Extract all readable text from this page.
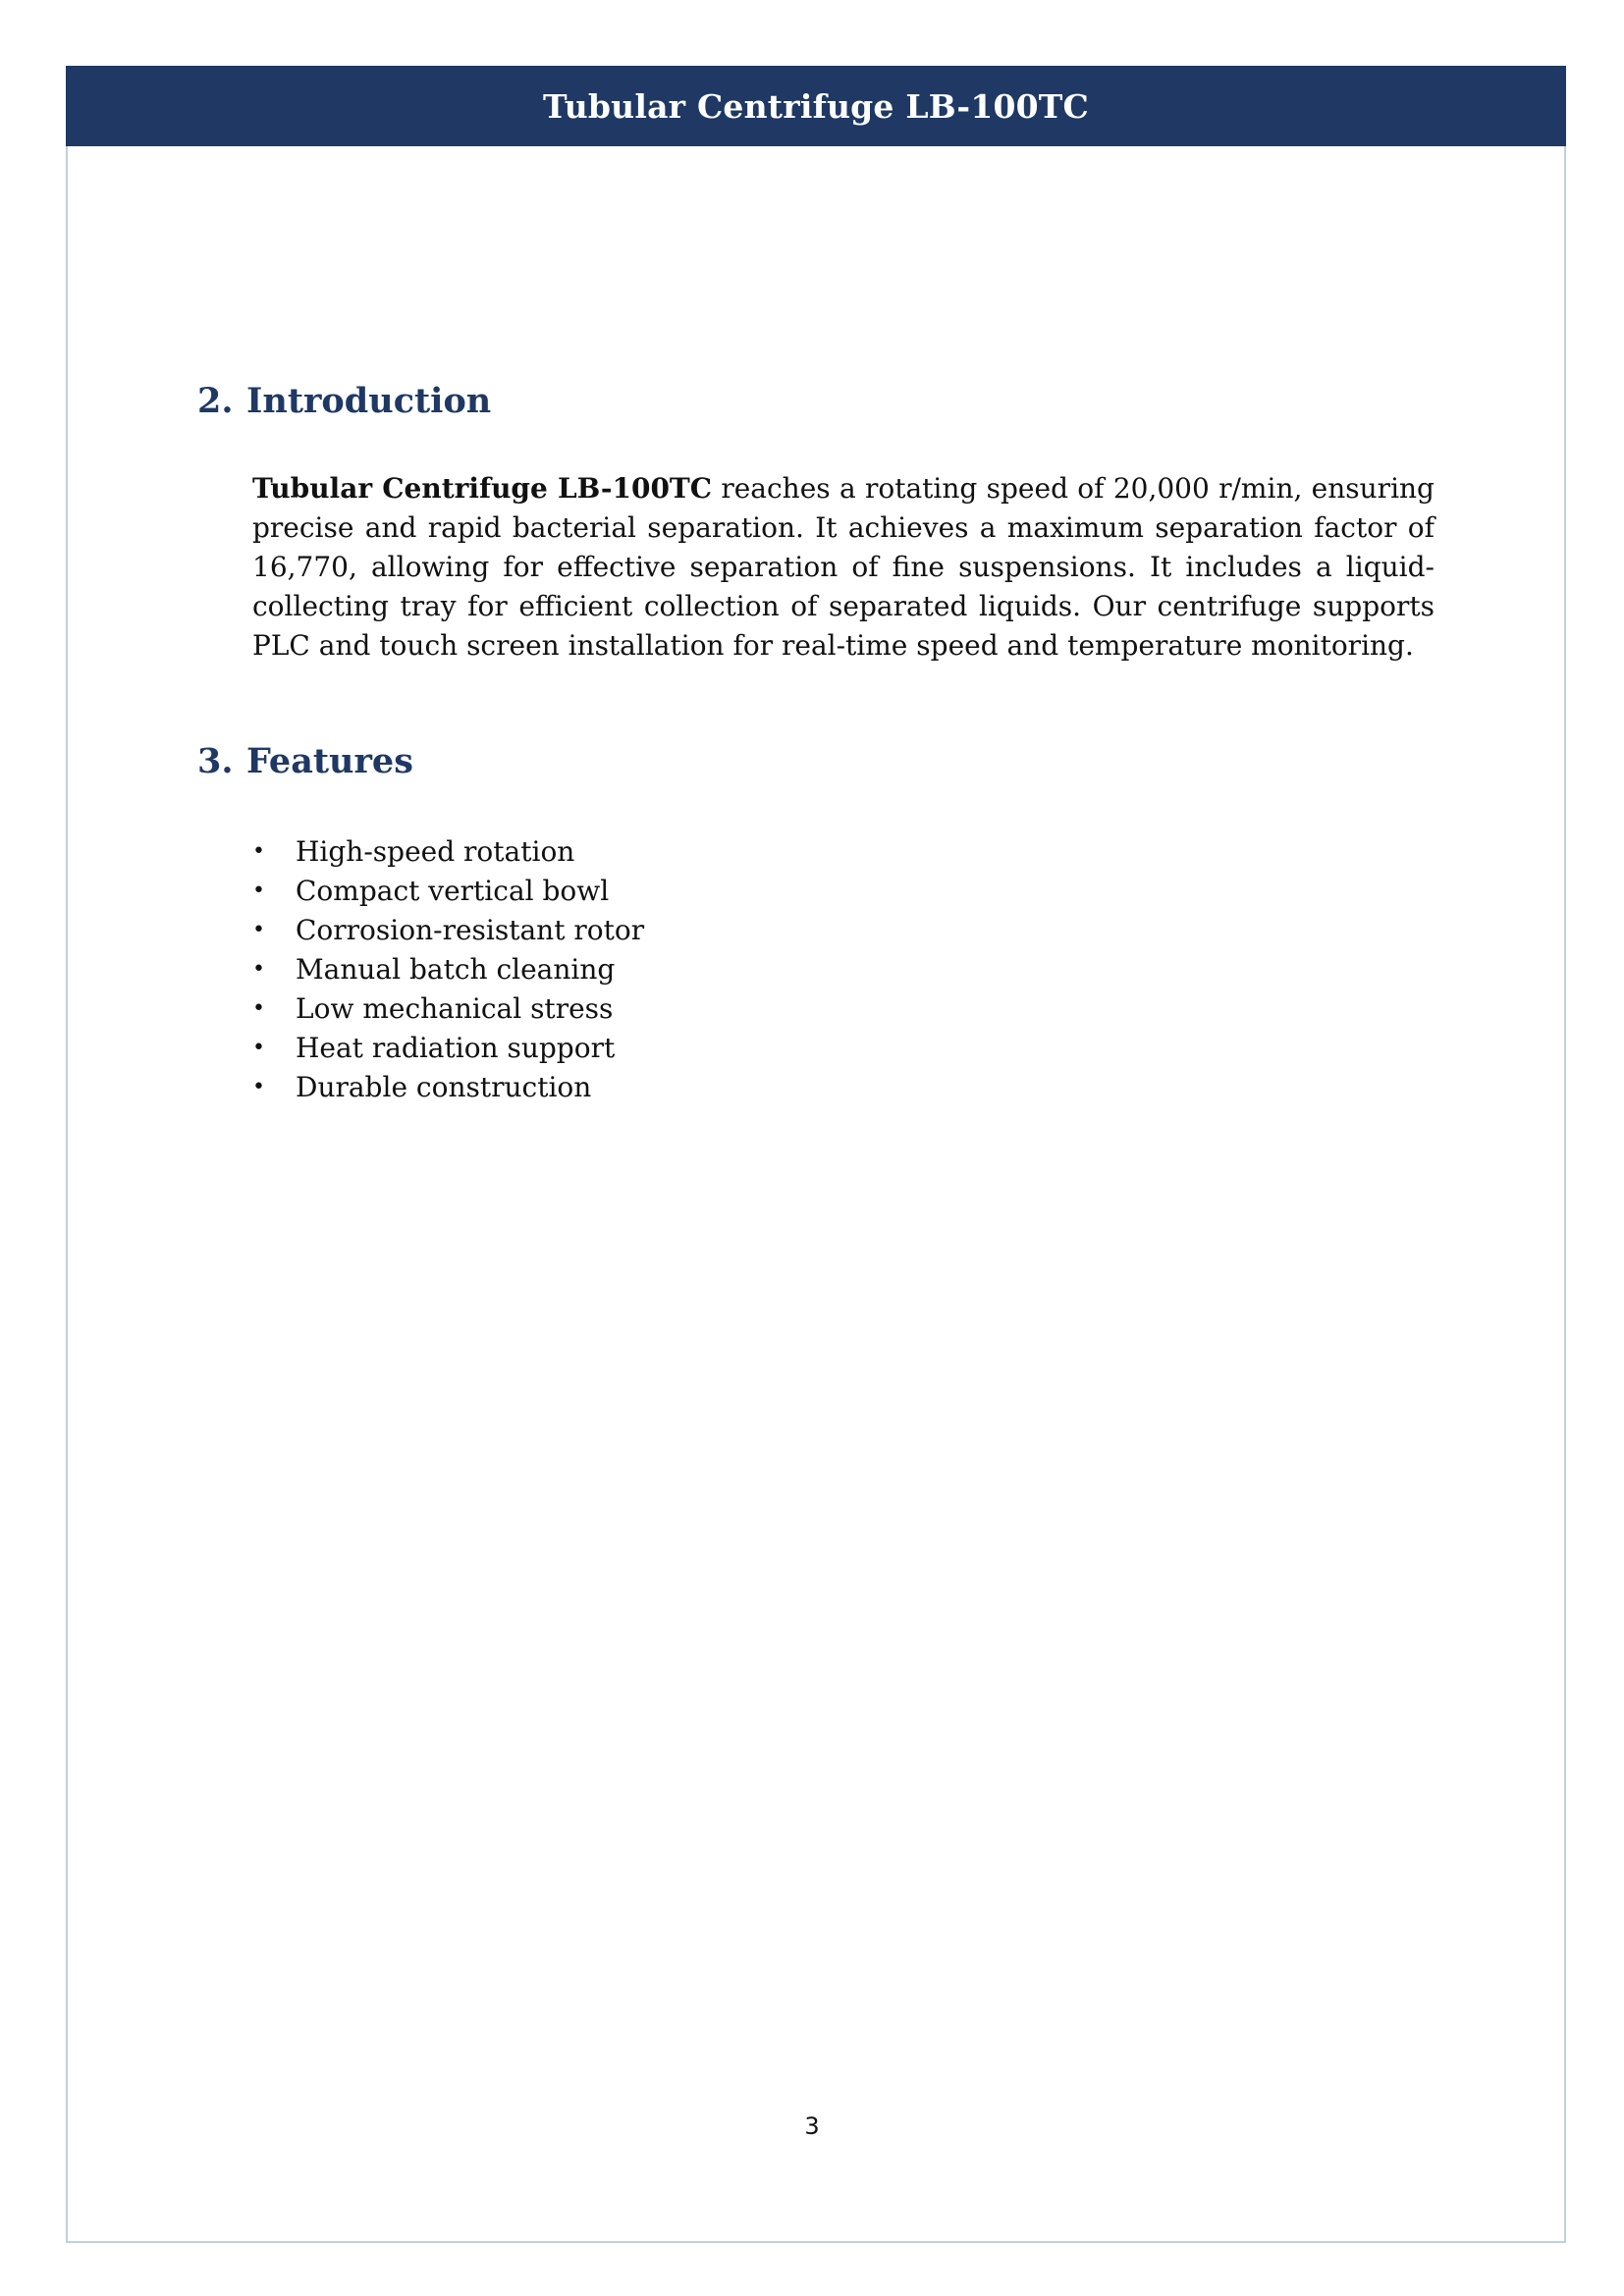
Tubular Centrifuge LB-100TC
2. Introduction

Tubular Centrifuge LB-100TC reaches a rotating speed of 20,000 r/min, ensuring precise and rapid bacterial separation. It achieves a maximum separation factor of 16,770, allowing for effective separation of fine suspensions. It includes a liquid-collecting tray for efficient collection of separated liquids. Our centrifuge supports PLC and touch screen installation for real-time speed and temperature monitoring.

3. Features
• High-speed rotation
• Compact vertical bowl
• Corrosion-resistant rotor
• Manual batch cleaning
• Low mechanical stress
• Heat radiation support
• Durable construction
3
